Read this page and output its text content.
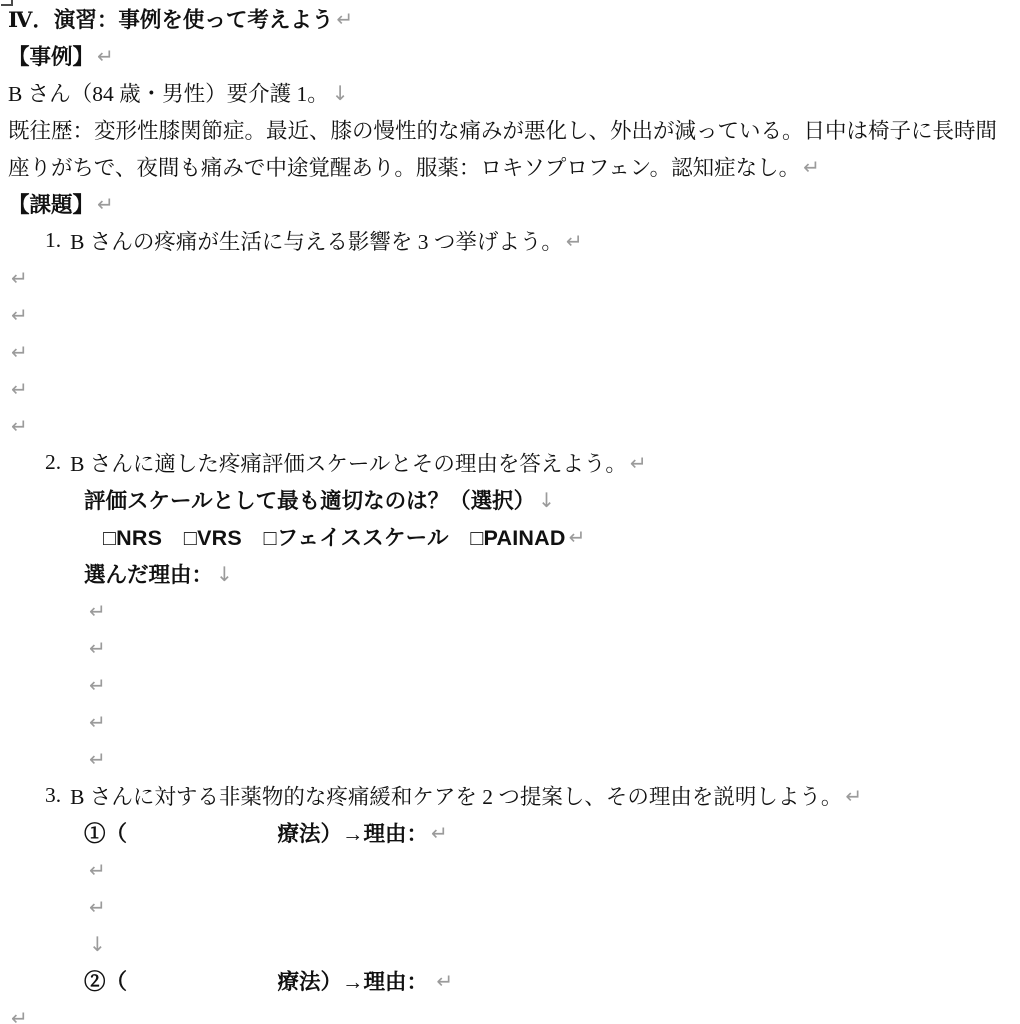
Ⅳ．演習：事例を使って考えよう ↵
【事例】 ↵
B さん（84 歳・男性）要介護 1。 ↓
既往歴：変形性膝関節症。最近、膝の慢性的な痛みが悪化し、外出が減っている。日中は椅子に長時間
座りがちで、夜間も痛みで中途覚醒あり。服薬：ロキソプロフェン。認知症なし。 ↵
【課題】 ↵
1. B さんの疼痛が生活に与える影響を 3 つ挙げよう。 ↵
↵
↵
↵
↵
↵
2. B さんに適した疼痛評価スケールとその理由を答えよう。 ↵
評価スケールとして最も適切なのは？（選択） ↓
□NRS　□VRS　□フェイススケール　□PAINAD ↵
選んだ理由： ↓
↵
↵
↵
↵
↵
3. B さんに対する非薬物的な疼痛緩和ケアを 2 つ提案し、その理由を説明しよう。 ↵
①（　　　　　　　療法）→理由： ↵
↵
↵
↓
②（　　　　　　　療法）→理由： ↵
↵
